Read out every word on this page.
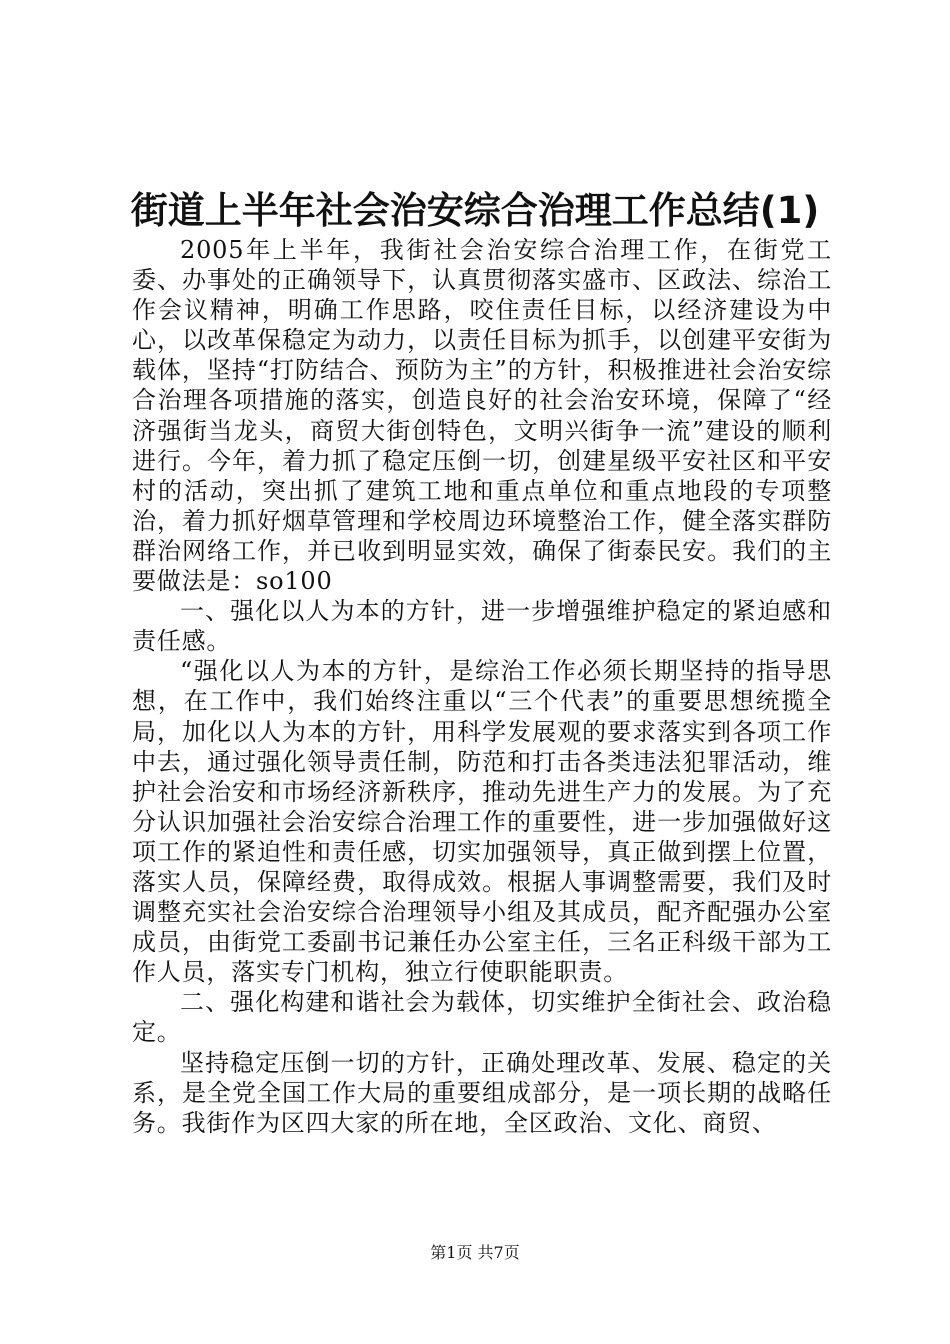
街道上半年社会治安综合治理工作总结(1)

2005年上半年，我街社会治安综合治理工作，在街党工委、办事处的正确领导下，认真贯彻落实盛市、区政法、综治工作会议精神，明确工作思路，咬住责任目标，以经济建设为中心，以改革保稳定为动力，以责任目标为抓手，以创建平安街为载体，坚持“打防结合、预防为主”的方针，积极推进社会治安综合治理各项措施的落实，创造良好的社会治安环境，保障了“经济强街当龙头，商贸大街创特色，文明兴街争一流”建设的顺利进行。今年，着力抓了稳定压倒一切，创建星级平安社区和平安村的活动，突出抓了建筑工地和重点单位和重点地段的专项整治，着力抓好烟草管理和学校周边环境整治工作，健全落实群防群治网络工作，并已收到明显实效，确保了街泰民安。我们的主要做法是：so100

一、强化以人为本的方针，进一步增强维护稳定的紧迫感和责任感。

“强化以人为本的方针，是综治工作必须长期坚持的指导思想，在工作中，我们始终注重以“三个代表”的重要思想统揽全局，加化以人为本的方针，用科学发展观的要求落实到各项工作中去，通过强化领导责任制，防范和打击各类违法犯罪活动，维护社会治安和市场经济新秩序，推动先进生产力的发展。为了充分认识加强社会治安综合治理工作的重要性，进一步加强做好这项工作的紧迫性和责任感，切实加强领导，真正做到摆上位置，落实人员，保障经费，取得成效。根据人事调整需要，我们及时调整充实社会治安综合治理领导小组及其成员，配齐配强办公室成员，由街党工委副书记兼任办公室主任，三名正科级干部为工作人员，落实专门机构，独立行使职能职责。

二、强化构建和谐社会为载体，切实维护全街社会、政治稳定。

坚持稳定压倒一切的方针，正确处理改革、发展、稳定的关系，是全党全国工作大局的重要组成部分，是一项长期的战略任务。我街作为区四大家的所在地，全区政治、文化、商贸、

第1页 共7页
